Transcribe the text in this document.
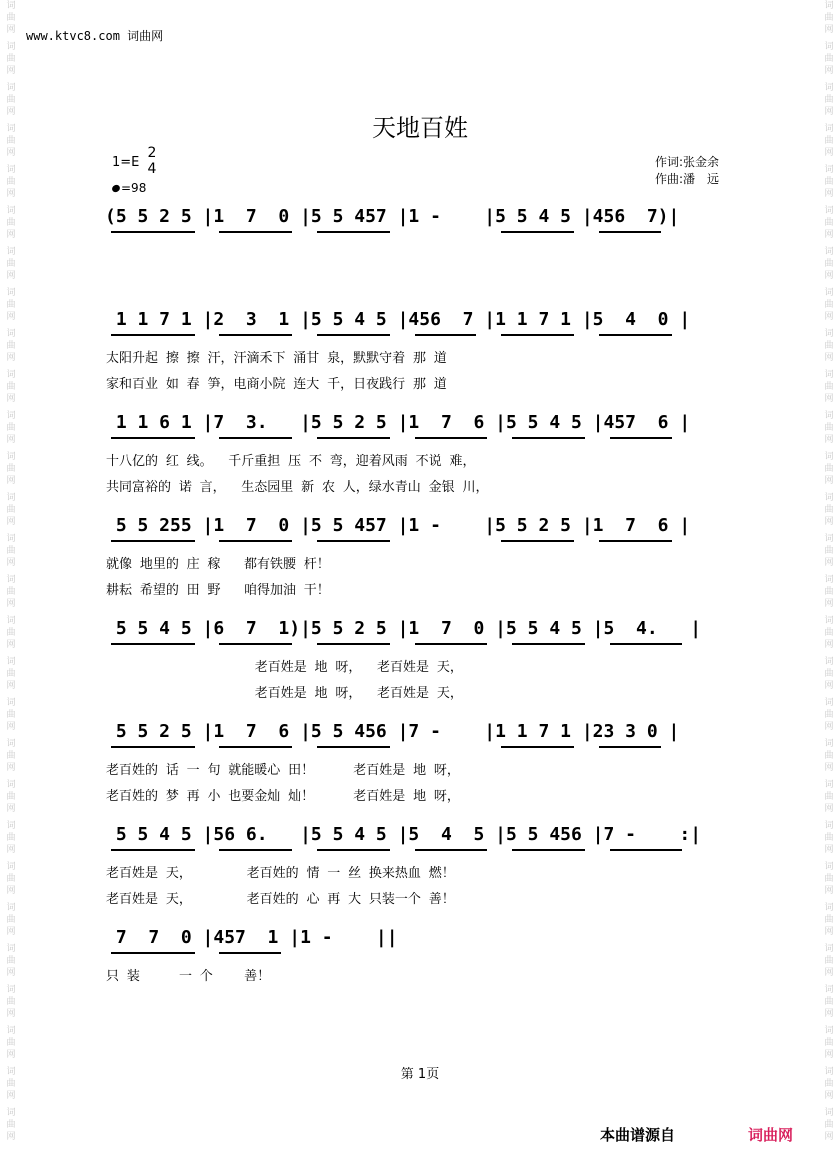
词
曲
网
词
曲
网
词
曲
网
词
曲
网
词
曲
网
词
曲
网
词
曲
网
词
曲
网
词
曲
网
词
曲
网
词
曲
网
词
曲
网
词
曲
网
词
曲
网
词
曲
网
词
曲
网
词
曲
网
词
曲
网
词
曲
网
词
曲
网
词
曲
网
词
曲
网
词
曲
网
词
曲
网
词
曲
网
词
曲
网
词
曲
网
词
曲
网
词
曲
网
词
曲
网
词
曲
网
词
曲
网
词
曲
网
词
曲
网
词
曲
网
词
曲
网
词
曲
网
词
曲
网
词
曲
网
词
曲
网
词
曲
网
词
曲
网
词
曲
网
词
曲
网
词
曲
网
词
曲
网
词
曲
网
词
曲
网
词
曲
网
词
曲
网
词
曲
网
词
曲
网
词
曲
网
词
曲
网
词
曲
网
词
曲
网
www.ktvc8.com 词曲网
天地百姓
1=E
2
4
=98
作词:张金余
作曲:潘　远
(5 5 2 5 |1  7  0 |5 5 457 |1 -    |5 5 4 5 |456  7)|
1 1 7 1 |2  3  1 |5 5 4 5 |456  7 |1 1 7 1 |5  4  0 |
太阳升起 擦 擦 汗，汗滴禾下 涌甘 泉，默默守着 那 道
家和百业 如 春 笋，电商小院 连大 千，日夜践行 那 道
1 1 6 1 |7  3.   |5 5 2 5 |1  7  6 |5 5 4 5 |457  6 |
十八亿的 红 线。  千斤重担 压 不 弯，迎着风雨 不说 难，
共同富裕的 诺 言，  生态园里 新 农 人，绿水青山 金银 川，
5 5 255 |1  7  0 |5 5 457 |1 -    |5 5 2 5 |1  7  6 |
就像 地里的 庄 稼   都有铁腰 杆！
耕耘 希望的 田 野   咱得加油 干！
5 5 4 5 |6  7  1)|5 5 2 5 |1  7  0 |5 5 4 5 |5  4.   |
老百姓是 地 呀，  老百姓是 天，
老百姓是 地 呀，  老百姓是 天，
5 5 2 5 |1  7  6 |5 5 456 |7 -    |1 1 7 1 |23 3 0 |
老百姓的 话 一 句 就能暖心 田！     老百姓是 地 呀，
老百姓的 梦 再 小 也要金灿 灿！     老百姓是 地 呀，
5 5 4 5 |56 6.   |5 5 4 5 |5  4  5 |5 5 456 |7 -    :|
老百姓是 天，       老百姓的 情 一 丝 换来热血 燃！
老百姓是 天，       老百姓的 心 再 大 只装一个 善！
7  7  0 |457  1 |1 -    ||
只 装     一 个    善！
第 1页
本曲谱源自	词曲网
